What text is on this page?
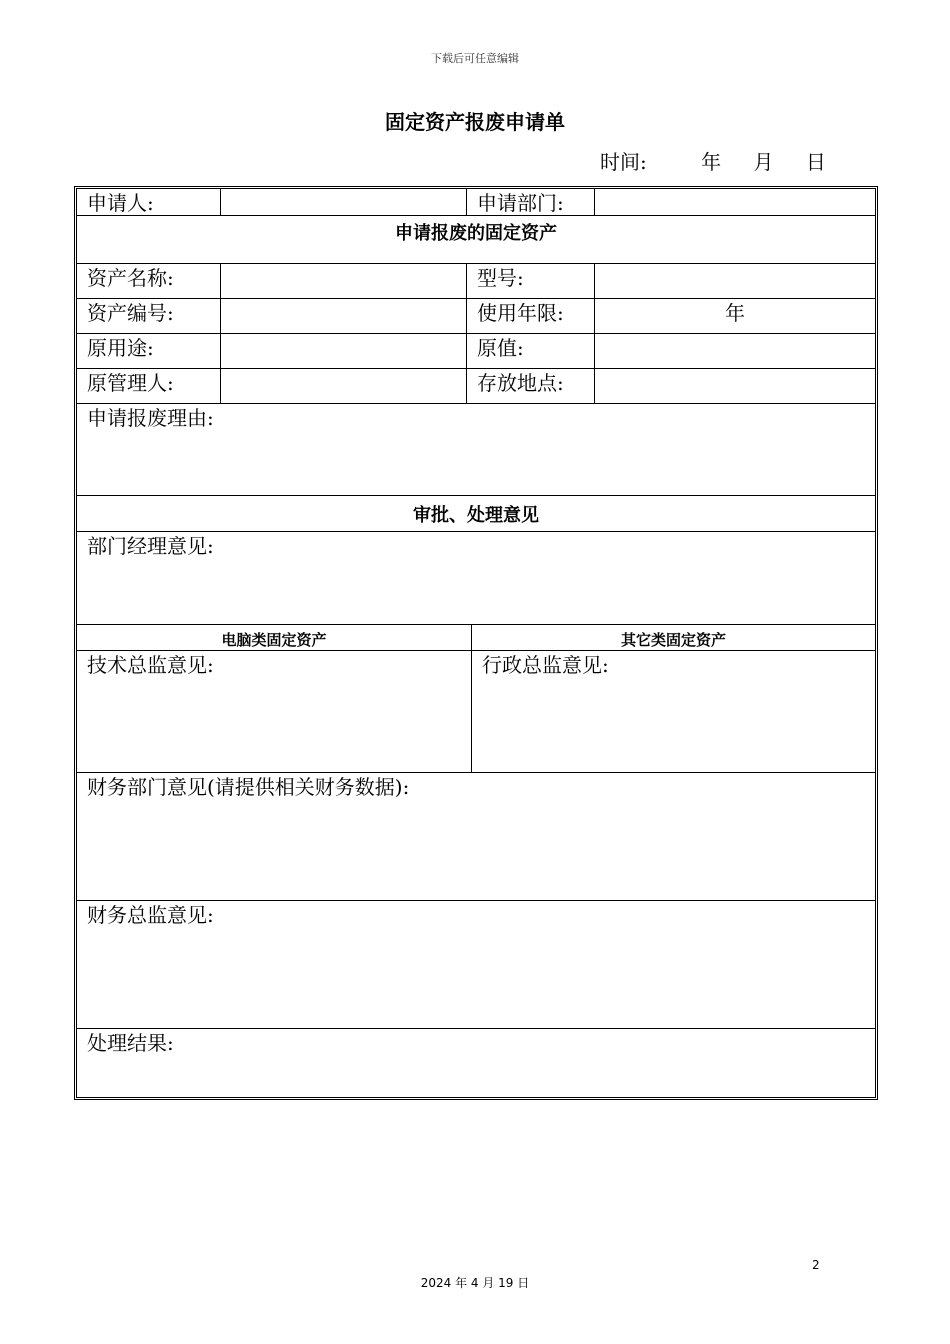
下载后可任意编辑
固定资产报废申请单
时间:	年 月 日
申请人:	申请部门:
申请报废的固定资产
资产名称:	型号:
资产编号:	使用年限:	年
原用途:	原值:
原管理人:	存放地点:
申请报废理由:
审批、处理意见
部门经理意见:
电脑类固定资产	其它类固定资产
技术总监意见:	行政总监意见:
财务部门意见(请提供相关财务数据):
财务总监意见:
处理结果:
2
2024 年 4 月 19 日
